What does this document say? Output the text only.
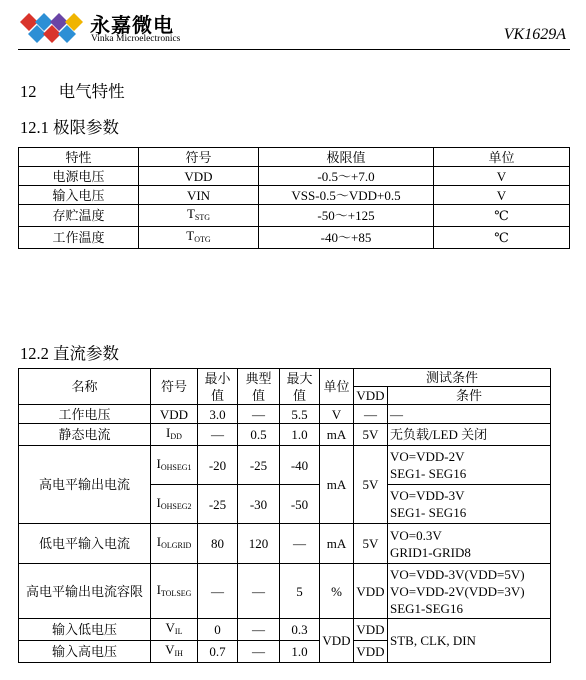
永嘉微电
Vinka Microelectronics	VK1629A
12 电气特性
12.1 极限参数
特性	符号	极限值	单位
电源电压	VDD	-0.5～+7.0	V
输入电压	VIN	VSS-0.5～VDD+0.5	V
存贮温度	$T_{STG}$	-50～+125	℃
工作温度	$T_{OTG}$	-40～+85	℃
12.2 直流参数
名称	符号	最小值	典型值	最大值	单位	测试条件	
						VDD	条件
工作电压	VDD	3.0	—	5.5	V	—	—
静态电流	$I_{DD}$	—	0.5	1.0	mA	5V	无负载/LED 关闭
高电平输出电流	$I_{OHSEG1}$	-20	-25	-40	mA	5V	VO=VDD-2V
SEG1- SEG16

	$I_{OHSEG2}$	-25	-30	-50			VO=VDD-3V
SEG1- SEG16

低电平输入电流	$I_{OLGRID}$	80	120	—	mA	5V	VO=0.3V
GRID1-GRID8

高电平输出电流容限	$I_{TOLSEG}$	—	—	5	%	VDD	VO=VDD-3V(VDD=5V)
VO=VDD-2V(VDD=3V)
SEG1-SEG16

输入低电压	$V_{IL}$	0	—	0.3	VDD	VDD	STB, CLK, DIN
输入高电压	$V_{IH}$	0.7	—	1.0		VDD	
